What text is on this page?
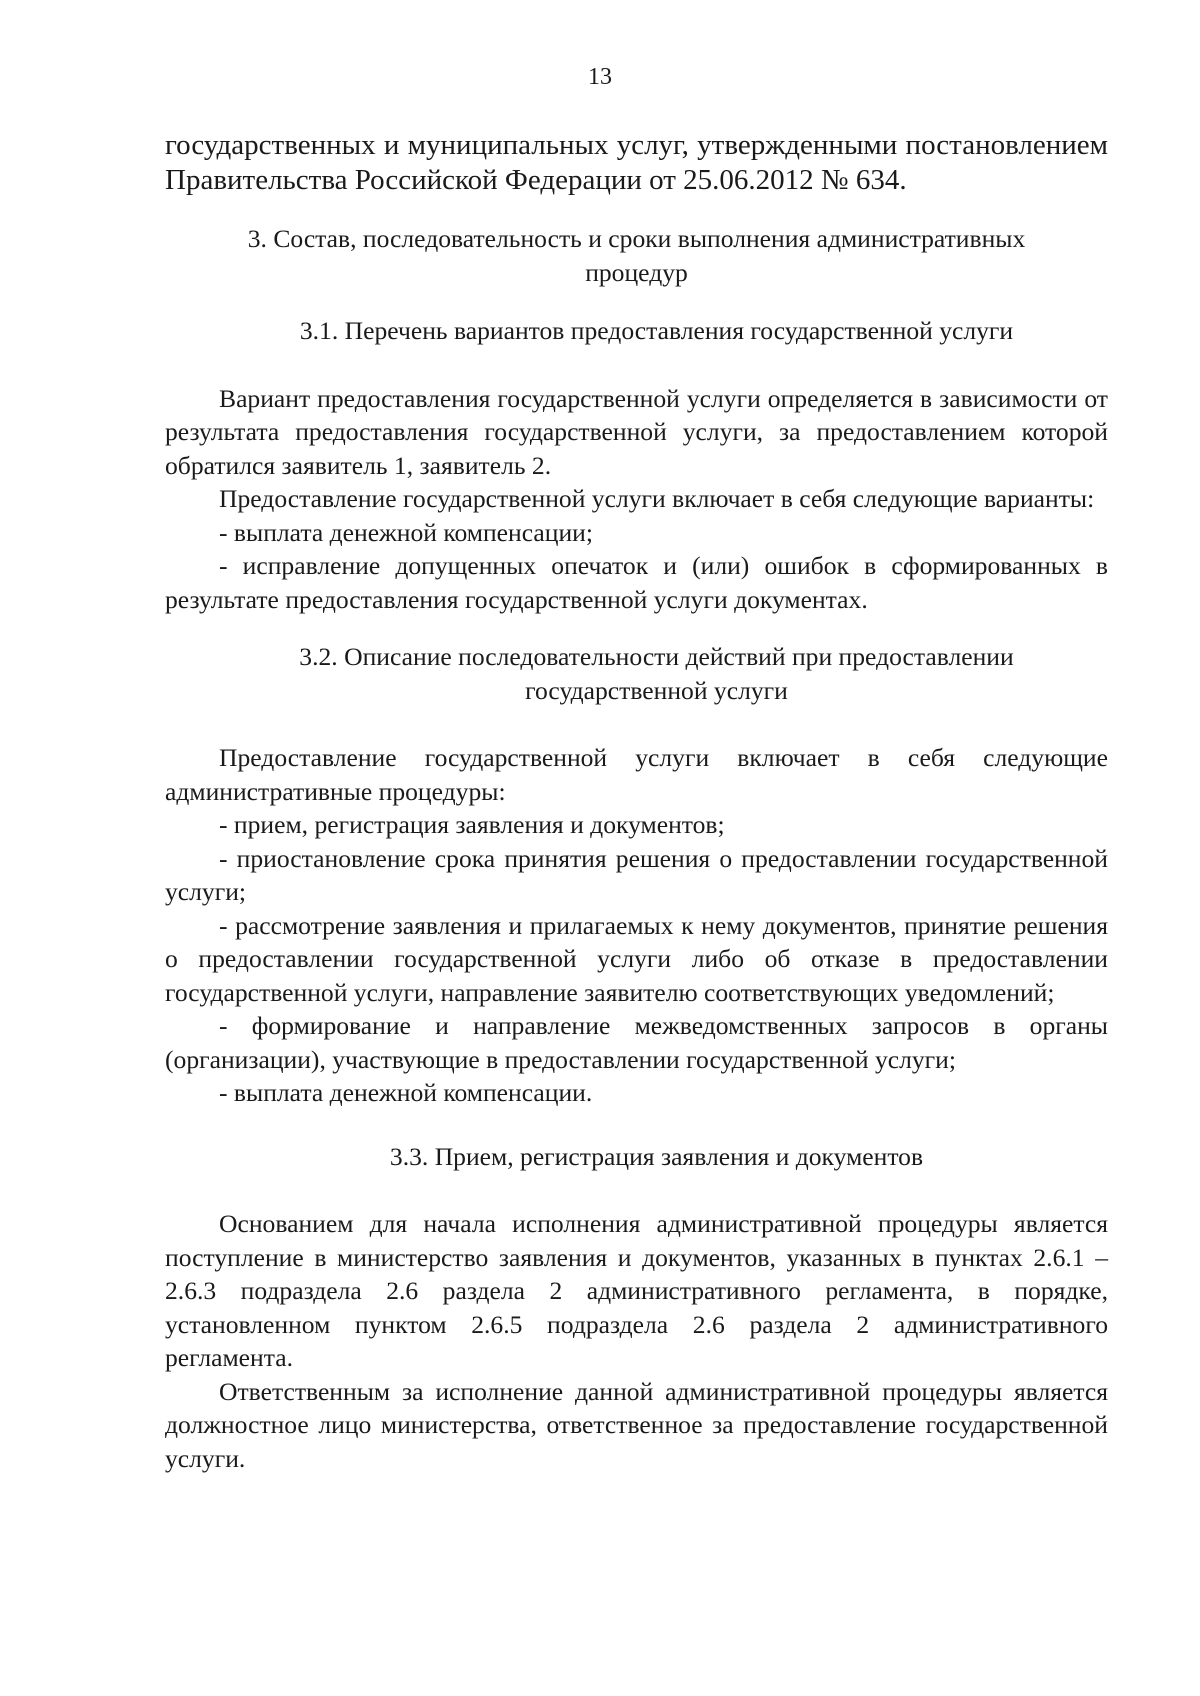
13

государственных и муниципальных услуг, утвержденными постановлением

Правительства Российской Федерации от 25.06.2012 № 634.

3. Состав, последовательность и сроки выполнения административных
процедур
3.1. Перечень вариантов предоставления государственной услуги

Вариант предоставления государственной услуги определяется в зависимости от результата предоставления государственной услуги, за предоставлением которой обратился заявитель 1, заявитель 2.

Предоставление государственной услуги включает в себя следующие варианты:

- выплата денежной компенсации;

- исправление допущенных опечаток и (или) ошибок в сформированных в результате предоставления государственной услуги документах.

3.2. Описание последовательности действий при предоставлении
государственной услуги

Предоставление государственной услуги включает в себя следующие административные процедуры:

- прием, регистрация заявления и документов;

- приостановление срока принятия решения о предоставлении государственной услуги;

- рассмотрение заявления и прилагаемых к нему документов, принятие решения о предоставлении государственной услуги либо об отказе в предоставлении государственной услуги, направление заявителю соответствующих уведомлений;

- формирование и направление межведомственных запросов в органы (организации), участвующие в предоставлении государственной услуги;

- выплата денежной компенсации.

3.3. Прием, регистрация заявления и документов

Основанием для начала исполнения административной процедуры является поступление в министерство заявления и документов, указанных в пунктах 2.6.1 – 2.6.3 подраздела 2.6 раздела 2 административного регламента, в порядке, установленном пунктом 2.6.5 подраздела 2.6 раздела 2 административного регламента.

Ответственным за исполнение данной административной процедуры является должностное лицо министерства, ответственное за предоставление государственной услуги.
